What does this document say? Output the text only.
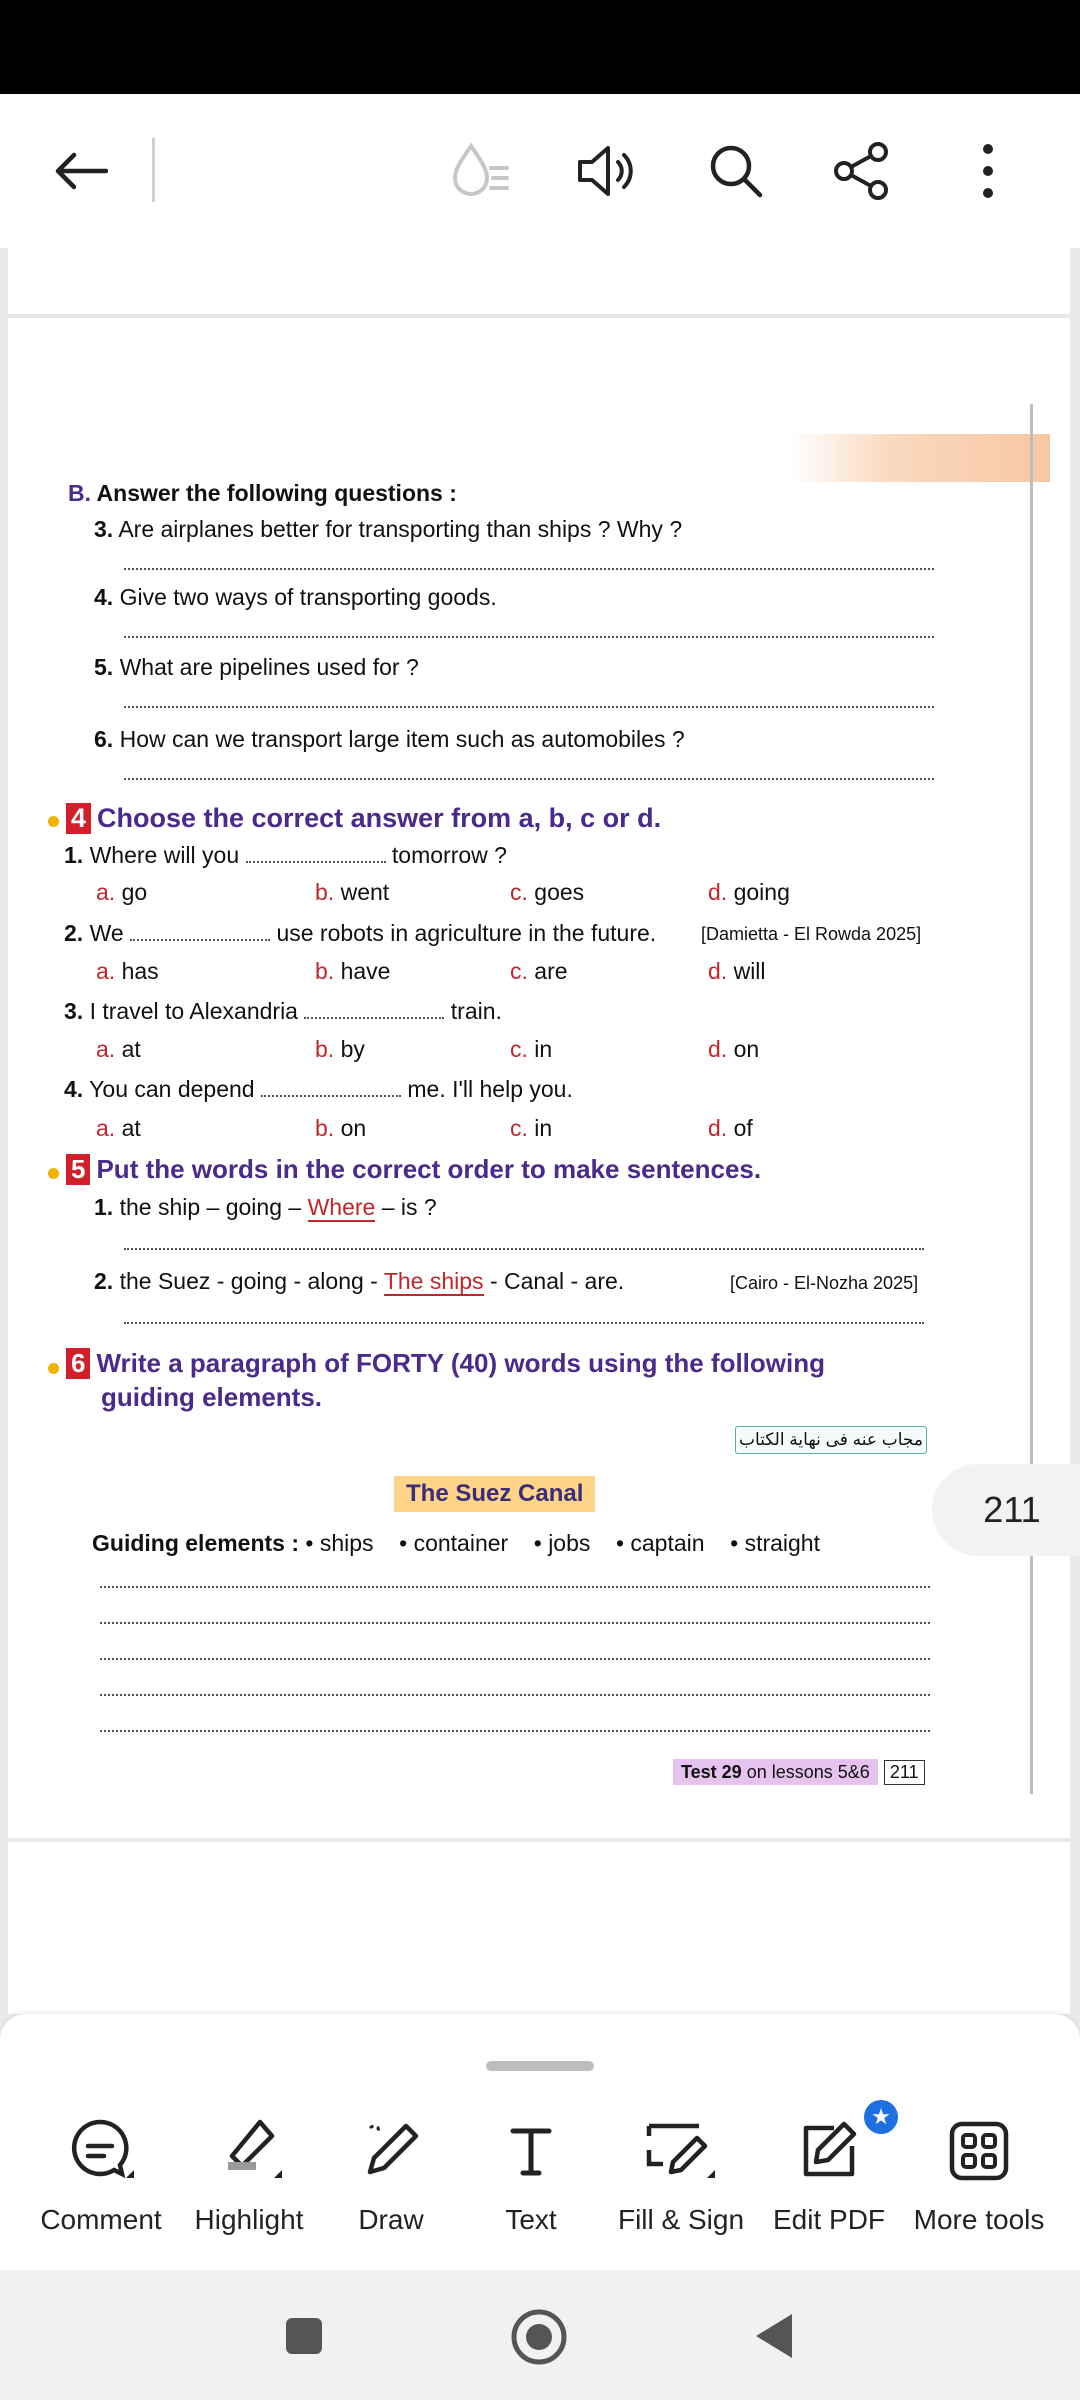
B. Answer the following questions :
3. Are airplanes better for transporting than ships ? Why ?
4. Give two ways of transporting goods.
5. What are pipelines used for ?
6. How can we transport large item such as automobiles ?
4 Choose the correct answer from a, b, c or d.
1. Where will you	tomorrow ?
a. go	b. went	c. goes	d. going
2. We	use robots in agriculture in the future. [Damietta - El Rowda 2025]
a. has	b. have	c. are	d. will
3. I travel to Alexandria	train.
a. at	b. by	c. in	d. on
4. You can depend	me. I'll help you.
a. at	b. on	c. in	d. of
5 Put the words in the correct order to make sentences.
1. the ship – going – Where – is ?
2. the Suez - going - along - The ships - Canal - are.	[Cairo - El-Nozha 2025]
6 Write a paragraph of FORTY (40) words using the following
guiding elements.
مجاب عنه فى نهاية الكتاب
The Suez Canal
Guiding elements : • ships • container • jobs • captain • straight
Test 29 on lessons 5&6 211
211
Comment	Highlight	Draw	Text	Fill & Sign
★
Edit PDF	More tools
